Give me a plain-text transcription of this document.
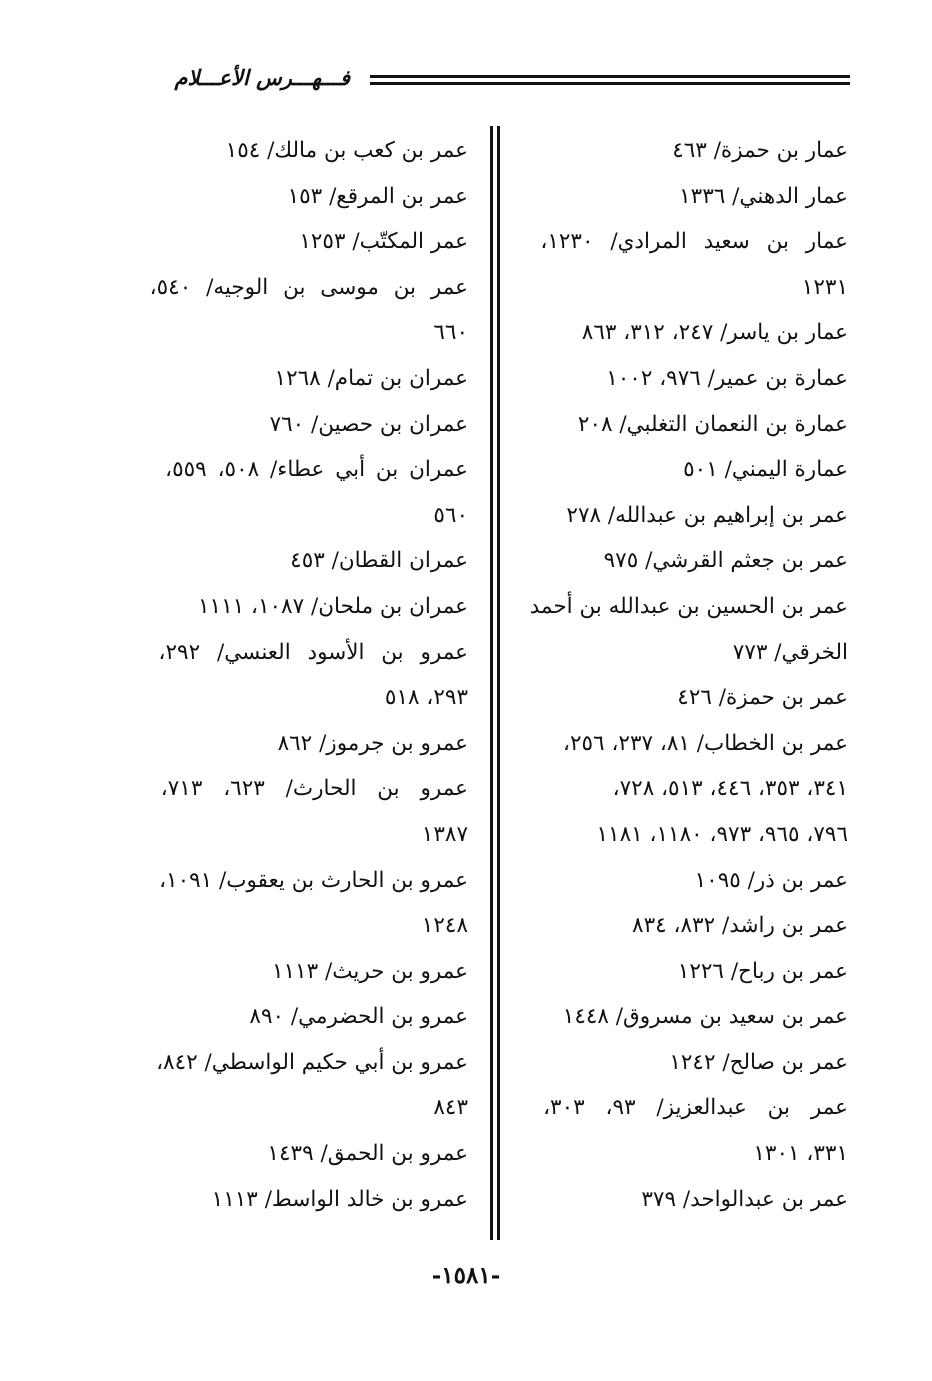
فـــهـــرس الأعـــلام
عمار بن حمزة/ ٤٦٣
عمار الدهني/ ١٣٣٦
عمار بن سعيد المرادي/ ١٢٣٠،
١٢٣١
عمار بن ياسر/ ٢٤٧، ٣١٢، ٨٦٣
عمارة بن عمير/ ٩٧٦، ١٠٠٢
عمارة بن النعمان التغلبي/ ٢٠٨
عمارة اليمني/ ٥٠١
عمر بن إبراهيم بن عبدالله/ ٢٧٨
عمر بن جعثم القرشي/ ٩٧٥
عمر بن الحسين بن عبدالله بن أحمد
الخرقي/ ٧٧٣
عمر بن حمزة/ ٤٢٦
عمر بن الخطاب/ ٨١، ٢٣٧، ٢٥٦،
٣٤١، ٣٥٣، ٤٤٦، ٥١٣، ٧٢٨،
٧٩٦، ٩٦٥، ٩٧٣، ١١٨٠، ١١٨١
عمر بن ذر/ ١٠٩٥
عمر بن راشد/ ٨٣٢، ٨٣٤
عمر بن رباح/ ١٢٢٦
عمر بن سعيد بن مسروق/ ١٤٤٨
عمر بن صالح/ ١٢٤٢
عمر بن عبدالعزيز/ ٩٣، ٣٠٣،
٣٣١، ١٣٠١
عمر بن عبدالواحد/ ٣٧٩
عمر بن كعب بن مالك/ ١٥٤
عمر بن المرقع/ ١٥٣
عمر المكتّب/ ١٢٥٣
عمر بن موسى بن الوجيه/ ٥٤٠،
٦٦٠
عمران بن تمام/ ١٢٦٨
عمران بن حصين/ ٧٦٠
عمران بن أبي عطاء/ ٥٠٨، ٥٥٩،
٥٦٠
عمران القطان/ ٤٥٣
عمران بن ملحان/ ١٠٨٧، ١١١١
عمرو بن الأسود العنسي/ ٢٩٢،
٢٩٣، ٥١٨
عمرو بن جرموز/ ٨٦٢
عمرو بن الحارث/ ٦٢٣، ٧١٣،
١٣٨٧
عمرو بن الحارث بن يعقوب/ ١٠٩١،
١٢٤٨
عمرو بن حريث/ ١١١٣
عمرو بن الحضرمي/ ٨٩٠
عمرو بن أبي حكيم الواسطي/ ٨٤٢،
٨٤٣
عمرو بن الحمق/ ١٤٣٩
عمرو بن خالد الواسط/ ١١١٣
-١٥٨١-
